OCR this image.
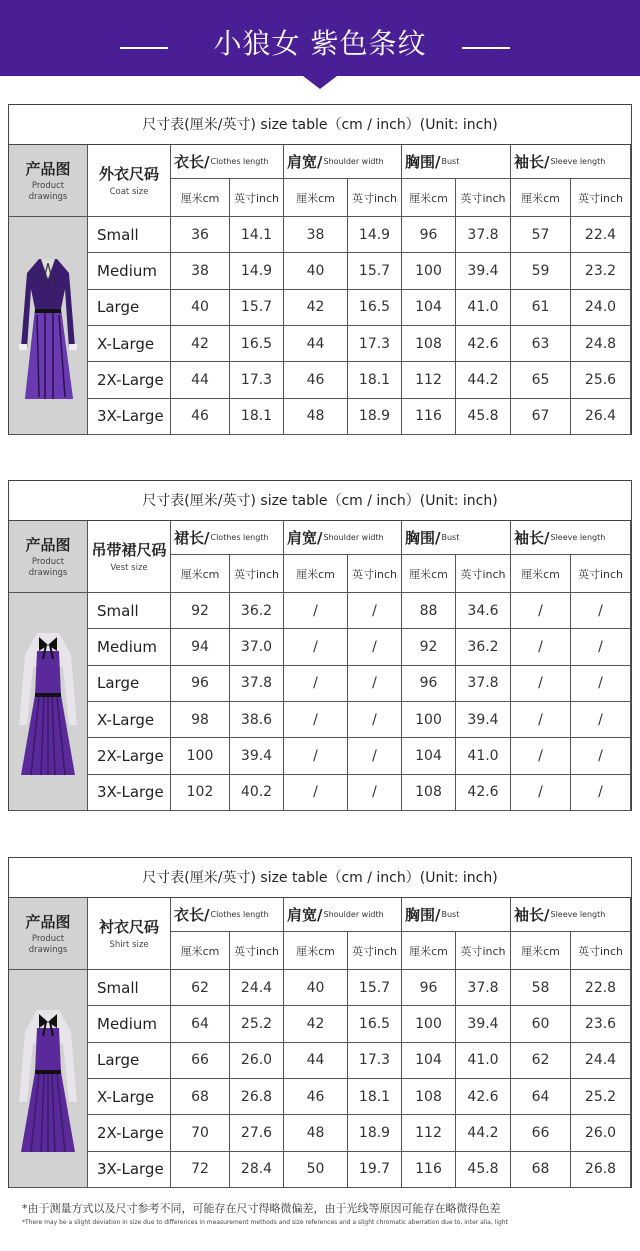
小狼女 紫色条纹
尺寸表(厘米/英寸) size table（cm / inch）(Unit: inch)
产品图
Product drawings
外衣尺码
Coat size
衣长/ Clothes length 肩宽/ Shoulder width 胸围/ Bust	袖长/ Sleeve length
厘米cm	英寸inch	厘米cm	英寸inch	厘米cm	英寸inch	厘米cm	英寸inch
Small	36	14.1	38	14.9	96	37.8	57	22.4
Medium	38	14.9	40	15.7	100	39.4	59	23.2
Large	40	15.7	42	16.5	104	41.0	61	24.0
X-Large	42	16.5	44	17.3	108	42.6	63	24.8
2X-Large	44	17.3	46	18.1	112	44.2	65	25.6
3X-Large	46	18.1	48	18.9	116	45.8	67	26.4
尺寸表(厘米/英寸) size table（cm / inch）(Unit: inch)
产品图
Product drawings
吊带裙尺码
Vest size
裙长/ Clothes length 肩宽/ Shoulder width 胸围/ Bust	袖长/ Sleeve length
厘米cm	英寸inch	厘米cm	英寸inch	厘米cm	英寸inch	厘米cm	英寸inch
Small	92	36.2	/	/	88	34.6	/	/
Medium	94	37.0	/	/	92	36.2	/	/
Large	96	37.8	/	/	96	37.8	/	/
X-Large	98	38.6	/	/	100	39.4	/	/
2X-Large	100	39.4	/	/	104	41.0	/	/
3X-Large	102	40.2	/	/	108	42.6	/	/
尺寸表(厘米/英寸) size table（cm / inch）(Unit: inch)
产品图
Product drawings
衬衣尺码
Shirt size
衣长/ Clothes length 肩宽/ Shoulder width 胸围/ Bust	袖长/ Sleeve length
厘米cm	英寸inch	厘米cm	英寸inch	厘米cm	英寸inch	厘米cm	英寸inch
Small	62	24.4	40	15.7	96	37.8	58	22.8
Medium	64	25.2	42	16.5	100	39.4	60	23.6
Large	66	26.0	44	17.3	104	41.0	62	24.4
X-Large	68	26.8	46	18.1	108	42.6	64	25.2
2X-Large	70	27.6	48	18.9	112	44.2	66	26.0
3X-Large	72	28.4	50	19.7	116	45.8	68	26.8
*由于测量方式以及尺寸参考不同，可能存在尺寸得略微偏差，由于光线等原因可能存在略微得色差
*There may be a slight deviation in size due to differences in measurement methods and size references and a slight chromatic aberration due to, inter alia, light
